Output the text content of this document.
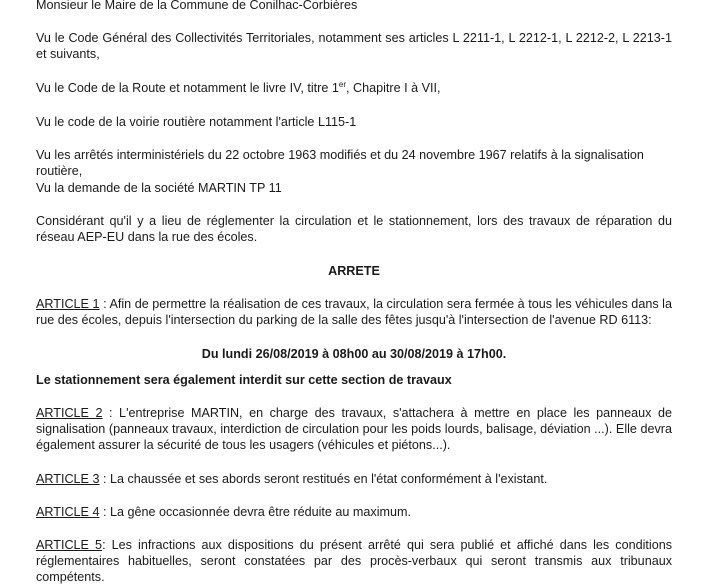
Monsieur le Maire de la Commune de Conilhac-Corbières

Vu le Code Général des Collectivités Territoriales, notamment ses articles L 2211-1, L 2212-1, L 2212-2, L 2213-1 et suivants,

Vu le Code de la Route et notamment le livre IV, titre 1er, Chapitre I à VII,

Vu le code de la voirie routière notamment l'article L115-1

Vu les arrêtés interministériels du 22 octobre 1963 modifiés et du 24 novembre 1967 relatifs à la signalisation routière,

Vu la demande de la société MARTIN TP 11

Considérant qu'il y a lieu de réglementer la circulation et le stationnement, lors des travaux de réparation du réseau AEP-EU dans la rue des écoles.

ARRETE

ARTICLE 1 : Afin de permettre la réalisation de ces travaux, la circulation sera fermée à tous les véhicules dans la rue des écoles, depuis l'intersection du parking de la salle des fêtes jusqu'à l'intersection de l'avenue RD 6113:

Du lundi 26/08/2019 à 08h00 au 30/08/2019 à 17h00.

Le stationnement sera également interdit sur cette section de travaux

ARTICLE 2 : L'entreprise MARTIN, en charge des travaux, s'attachera à mettre en place les panneaux de signalisation (panneaux travaux, interdiction de circulation pour les poids lourds, balisage, déviation ...). Elle devra également assurer la sécurité de tous les usagers (véhicules et piétons...).

ARTICLE 3 : La chaussée et ses abords seront restitués en l'état conformément à l'existant.

ARTICLE 4 : La gêne occasionnée devra être réduite au maximum.

ARTICLE 5: Les infractions aux dispositions du présent arrêté qui sera publié et affiché dans les conditions réglementaires habituelles, seront constatées par des procès-verbaux qui seront transmis aux tribunaux compétents.
